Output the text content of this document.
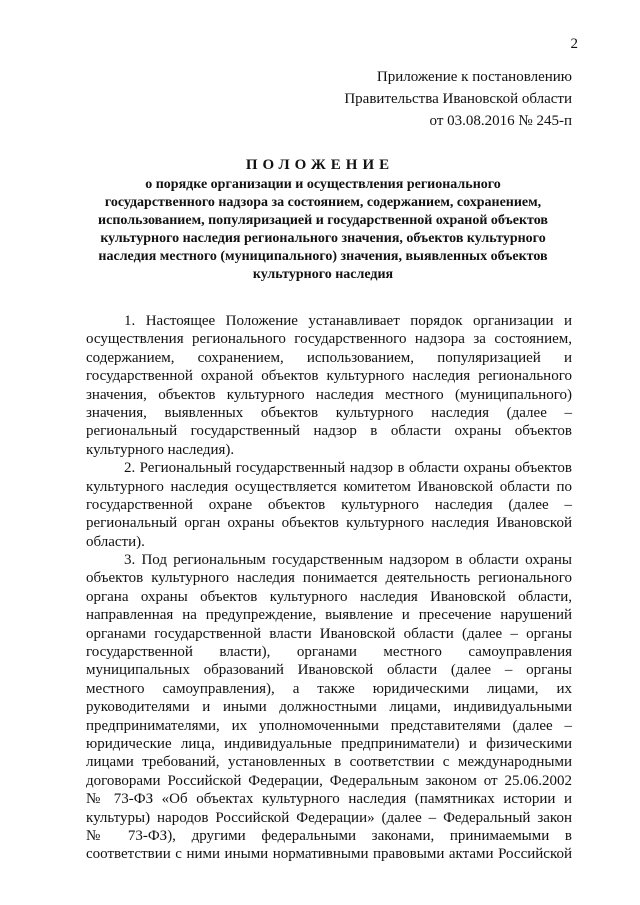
2
Приложение к постановлению
Правительства Ивановской области
от 03.08.2016 № 245-п
ПОЛОЖЕНИЕ
о порядке организации и осуществления регионального
государственного надзора за состоянием, содержанием, сохранением,
использованием, популяризацией и государственной охраной объектов
культурного наследия регионального значения, объектов культурного
наследия местного (муниципального) значения, выявленных объектов
культурного наследия
1. Настоящее Положение устанавливает порядок организации и
осуществления регионального государственного надзора за состоянием,
содержанием, сохранением, использованием, популяризацией и
государственной охраной объектов культурного наследия регионального
значения, объектов культурного наследия местного (муниципального)
значения, выявленных объектов культурного наследия (далее –
региональный государственный надзор в области охраны объектов
культурного наследия).
2. Региональный государственный надзор в области охраны объектов
культурного наследия осуществляется комитетом Ивановской области по
государственной охране объектов культурного наследия (далее –
региональный орган охраны объектов культурного наследия Ивановской
области).
3. Под региональным государственным надзором в области охраны
объектов культурного наследия понимается деятельность регионального
органа охраны объектов культурного наследия Ивановской области,
направленная на предупреждение, выявление и пресечение нарушений
органами государственной власти Ивановской области (далее – органы
государственной власти), органами местного самоуправления
муниципальных образований Ивановской области (далее – органы
местного самоуправления), а также юридическими лицами, их
руководителями и иными должностными лицами, индивидуальными
предпринимателями, их уполномоченными представителями (далее –
юридические лица, индивидуальные предприниматели) и физическими
лицами требований, установленных в соответствии с международными
договорами Российской Федерации, Федеральным законом от 25.06.2002
№ 73-ФЗ «Об объектах культурного наследия (памятниках истории и
культуры) народов Российской Федерации» (далее – Федеральный закон
№ 73-ФЗ), другими федеральными законами, принимаемыми в
соответствии с ними иными нормативными правовыми актами Российской
